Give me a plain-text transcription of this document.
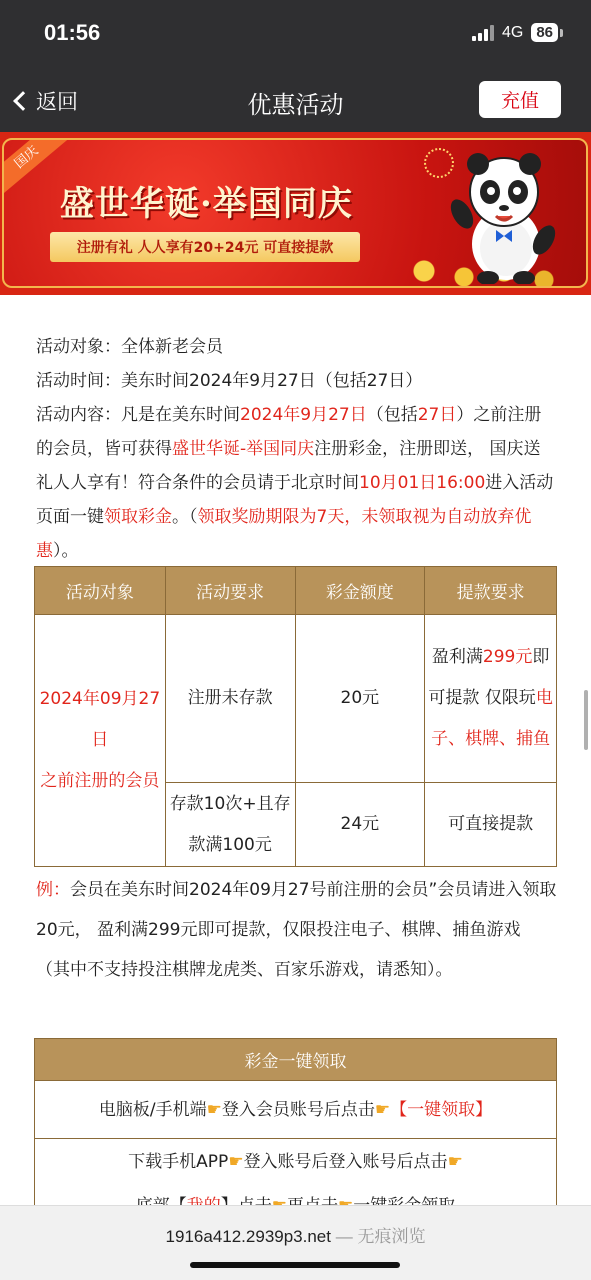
01:56	4G 86
返回	优惠活动	充值
国庆
盛世华诞·举国同庆
注册有礼 人人享有20+24元 可直接提款

活动对象：全体新老会员

活动时间：美东时间2024年9月27日（包括27日）

活动内容：凡是在美东时间2024年9月27日（包括27日）之前注册的会员，皆可获得盛世华诞-举国同庆注册彩金，注册即送， 国庆送礼人人享有！符合条件的会员请于北京时间10月01日16:00进入活动页面一键领取彩金。（领取奖励期限为7天，未领取视为自动放弃优惠）。

活动对象	活动要求	彩金额度	提款要求

2024年09月27日
之前注册的会员	注册未存款	20元	盈利满299元即可提款 仅限玩电子、棋牌、捕鱼
	存款10次+且存款满100元	24元	可直接提款
例：会员在美东时间2024年09月27号前注册的会员”会员请进入领取20元， 盈利满299元即可提款，仅限投注电子、棋牌、捕鱼游戏 （其中不支持投注棋牌龙虎类、百家乐游戏，请悉知）。
彩金一键领取
电脑板/手机端☛登入会员账号后点击☛【一键领取】

下载手机APP☛登入账号后登入账号后点击☛
1916a412.2939p3.net — 无痕浏览
